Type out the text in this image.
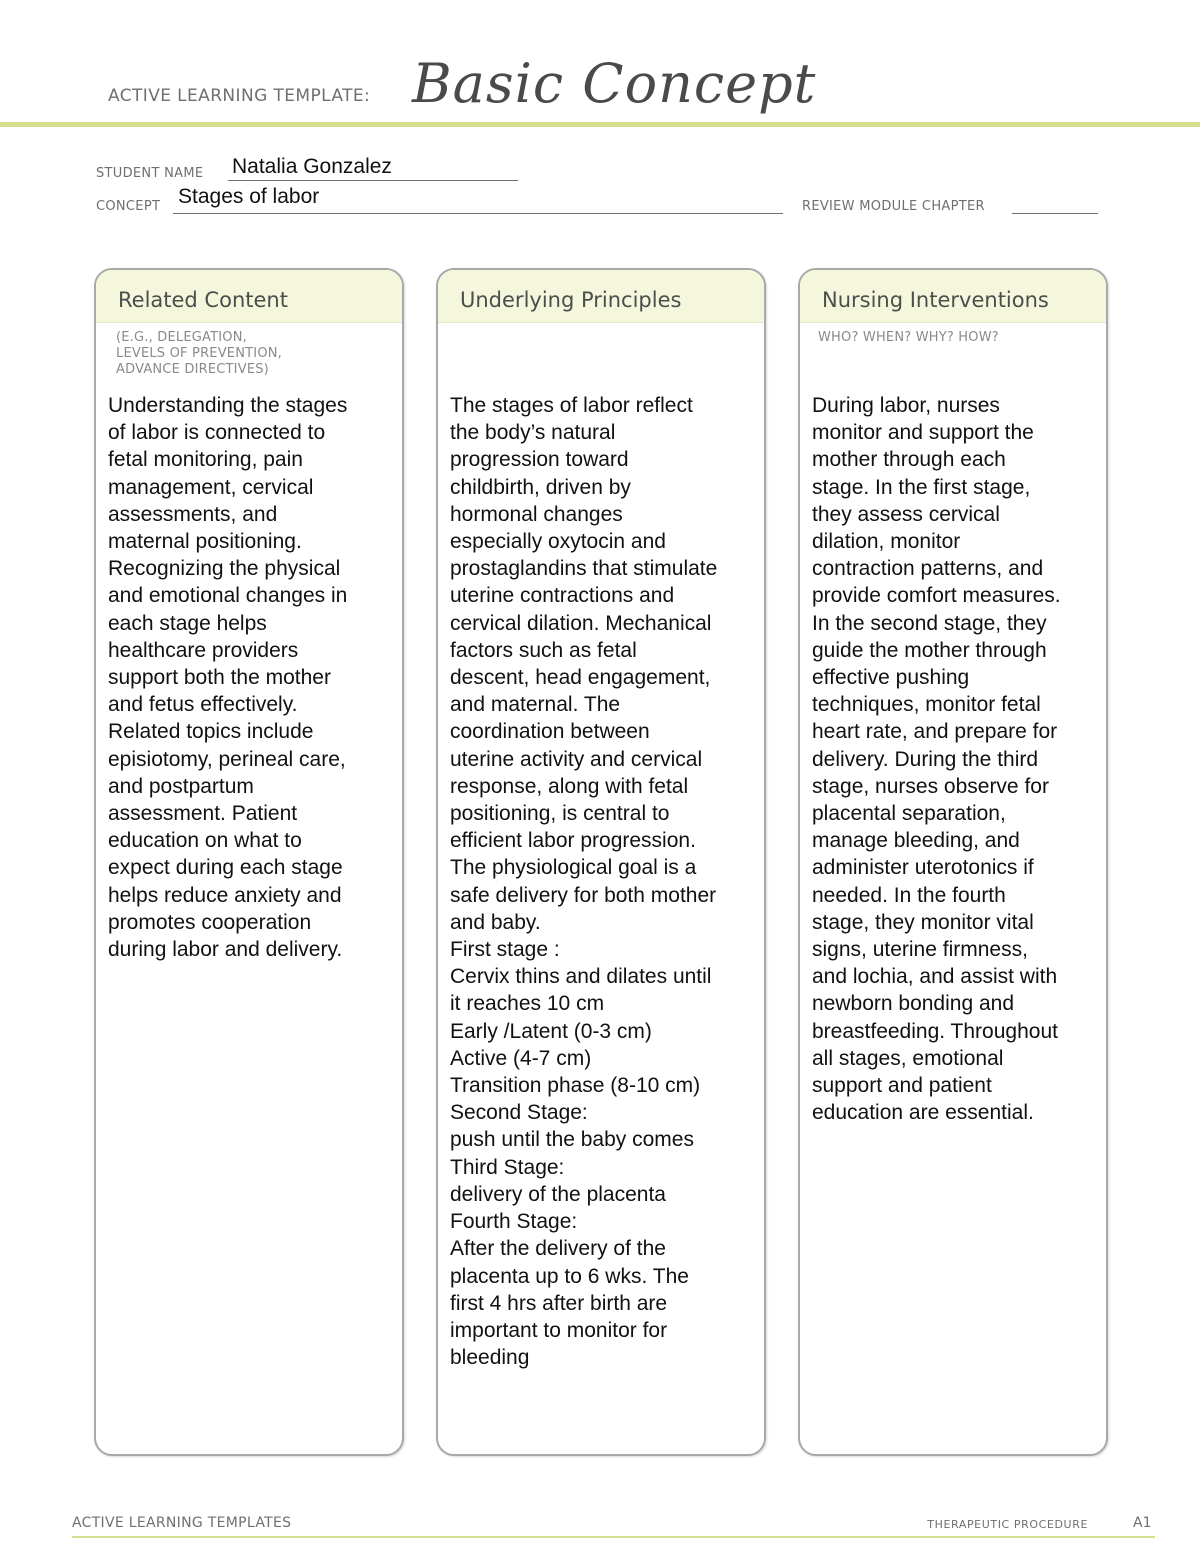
ACTIVE LEARNING TEMPLATE: Basic Concept
STUDENT NAME Natalia Gonzalez
CONCEPT Stages of labor	REVIEW MODULE CHAPTER
Related Content
(E.G., DELEGATION,
LEVELS OF PREVENTION,
ADVANCE DIRECTIVES)
Understanding the stages
of labor is connected to
fetal monitoring, pain
management, cervical
assessments, and
maternal positioning.
Recognizing the physical
and emotional changes in
each stage helps
healthcare providers
support both the mother
and fetus effectively.
Related topics include
episiotomy, perineal care,
and postpartum
assessment. Patient
education on what to
expect during each stage
helps reduce anxiety and
promotes cooperation
during labor and delivery.
Underlying Principles
The stages of labor reflect
the body’s natural
progression toward
childbirth, driven by
hormonal changes
especially oxytocin and
prostaglandins that stimulate
uterine contractions and
cervical dilation. Mechanical
factors such as fetal
descent, head engagement,
and maternal. The
coordination between
uterine activity and cervical
response, along with fetal
positioning, is central to
efficient labor progression.
The physiological goal is a
safe delivery for both mother
and baby.
First stage :
Cervix thins and dilates until
it reaches 10 cm
Early /Latent (0-3 cm)
Active (4-7 cm)
Transition phase (8-10 cm)
Second Stage:
push until the baby comes
Third Stage:
delivery of the placenta
Fourth Stage:
After the delivery of the
placenta up to 6 wks. The
first 4 hrs after birth are
important to monitor for
bleeding
Nursing Interventions
WHO? WHEN? WHY? HOW?
During labor, nurses
monitor and support the
mother through each
stage. In the first stage,
they assess cervical
dilation, monitor
contraction patterns, and
provide comfort measures.
In the second stage, they
guide the mother through
effective pushing
techniques, monitor fetal
heart rate, and prepare for
delivery. During the third
stage, nurses observe for
placental separation,
manage bleeding, and
administer uterotonics if
needed. In the fourth
stage, they monitor vital
signs, uterine firmness,
and lochia, and assist with
newborn bonding and
breastfeeding. Throughout
all stages, emotional
support and patient
education are essential.
ACTIVE LEARNING TEMPLATES	THERAPEUTIC PROCEDURE	A1
